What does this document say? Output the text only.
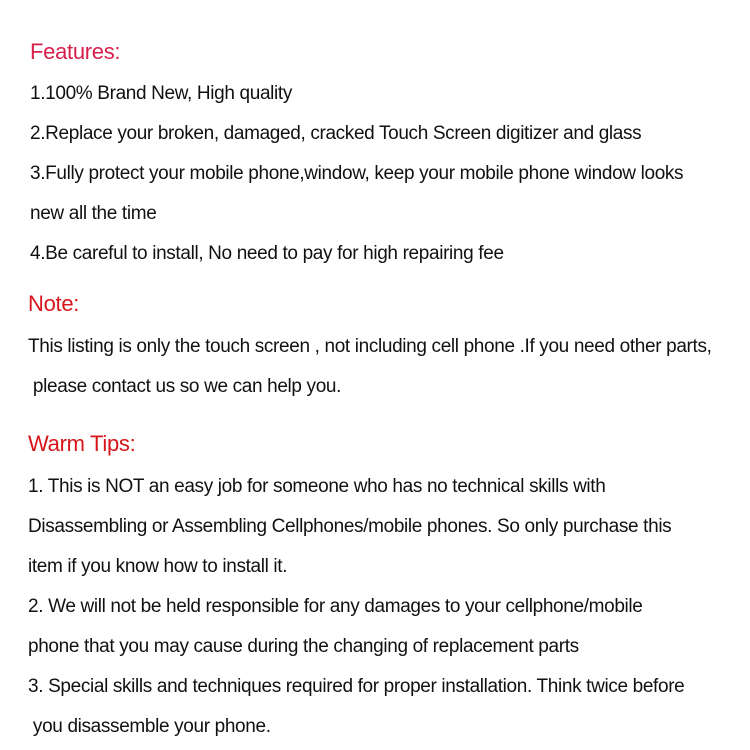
Features:
1.100% Brand New, High quality
2.Replace your broken, damaged, cracked Touch Screen digitizer and glass
3.Fully protect your mobile phone,window, keep your mobile phone window looks
new all the time
4.Be careful to install, No need to pay for high repairing fee
Note:
This listing is only the touch screen , not including cell phone .If you need other parts,
please contact us so we can help you.
Warm Tips:
1. This is NOT an easy job for someone who has no technical skills with
Disassembling or Assembling Cellphones/mobile phones. So only purchase this
item if you know how to install it.
2. We will not be held responsible for any damages to your cellphone/mobile
phone that you may cause during the changing of replacement parts
3. Special skills and techniques required for proper installation. Think twice before
you disassemble your phone.
